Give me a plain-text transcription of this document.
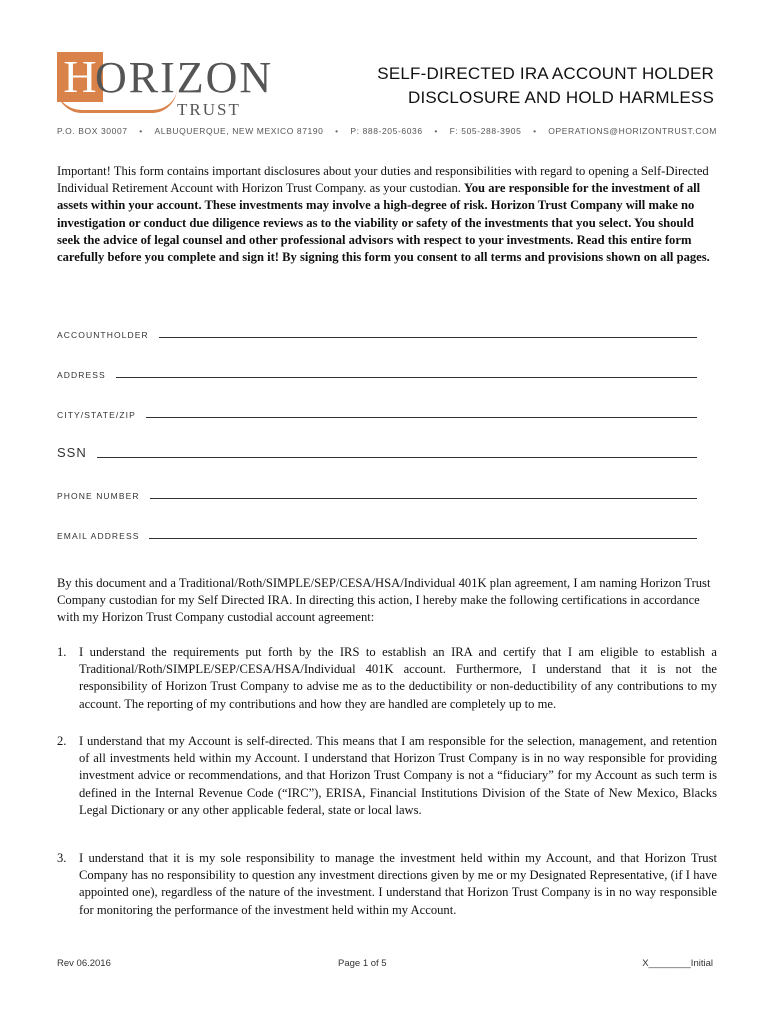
H
ORIZON
TRUST
SELF-DIRECTED IRA ACCOUNT HOLDER
DISCLOSURE AND HOLD HARMLESS
P.O. BOX 30007 • ALBUQUERQUE, NEW MEXICO 87190 • P: 888-205-6036 • F: 505-288-3905 • OPERATIONS@HORIZONTRUST.COM
Important! This form contains important disclosures about your duties and responsibilities with regard to opening a Self-Directed Individual Retirement Account with Horizon Trust Company. as your custodian. You are responsible for the investment of all assets within your account. These investments may involve a high-degree of risk. Horizon Trust Company will make no investigation or conduct due diligence reviews as to the viability or safety of the investments that you select. You should seek the advice of legal counsel and other professional advisors with respect to your investments. Read this entire form carefully before you complete and sign it! By signing this form you consent to all terms and provisions shown on all pages.
ACCOUNTHOLDER
ADDRESS
CITY/STATE/ZIP
SSN
PHONE NUMBER
EMAIL ADDRESS
By this document and a Traditional/Roth/SIMPLE/SEP/CESA/HSA/Individual 401K plan agreement, I am naming Horizon Trust Company custodian for my Self Directed IRA. In directing this action, I hereby make the following certifications in accordance with my Horizon Trust Company custodial account agreement:
1. I understand the requirements put forth by the IRS to establish an IRA and certify that I am eligible to establish a Traditional/Roth/SIMPLE/SEP/CESA/HSA/Individual 401K account. Furthermore, I understand that it is not the responsibility of Horizon Trust Company to advise me as to the deductibility or non-deductibility of any contributions to my account. The reporting of my contributions and how they are handled are completely up to me.
2. I understand that my Account is self-directed. This means that I am responsible for the selection, management, and retention of all investments held within my Account. I understand that Horizon Trust Company is in no way responsible for providing investment advice or recommendations, and that Horizon Trust Company is not a “fiduciary” for my Account as such term is defined in the Internal Revenue Code (“IRC”), ERISA, Financial Institutions Division of the State of New Mexico, Blacks Legal Dictionary or any other applicable federal, state or local laws.
3. I understand that it is my sole responsibility to manage the investment held within my Account, and that Horizon Trust Company has no responsibility to question any investment directions given by me or my Designated Representative, (if I have appointed one), regardless of the nature of the investment. I understand that Horizon Trust Company is in no way responsible for monitoring the performance of the investment held within my Account.
Rev 06.2016	Page 1 of 5	X________Initial
